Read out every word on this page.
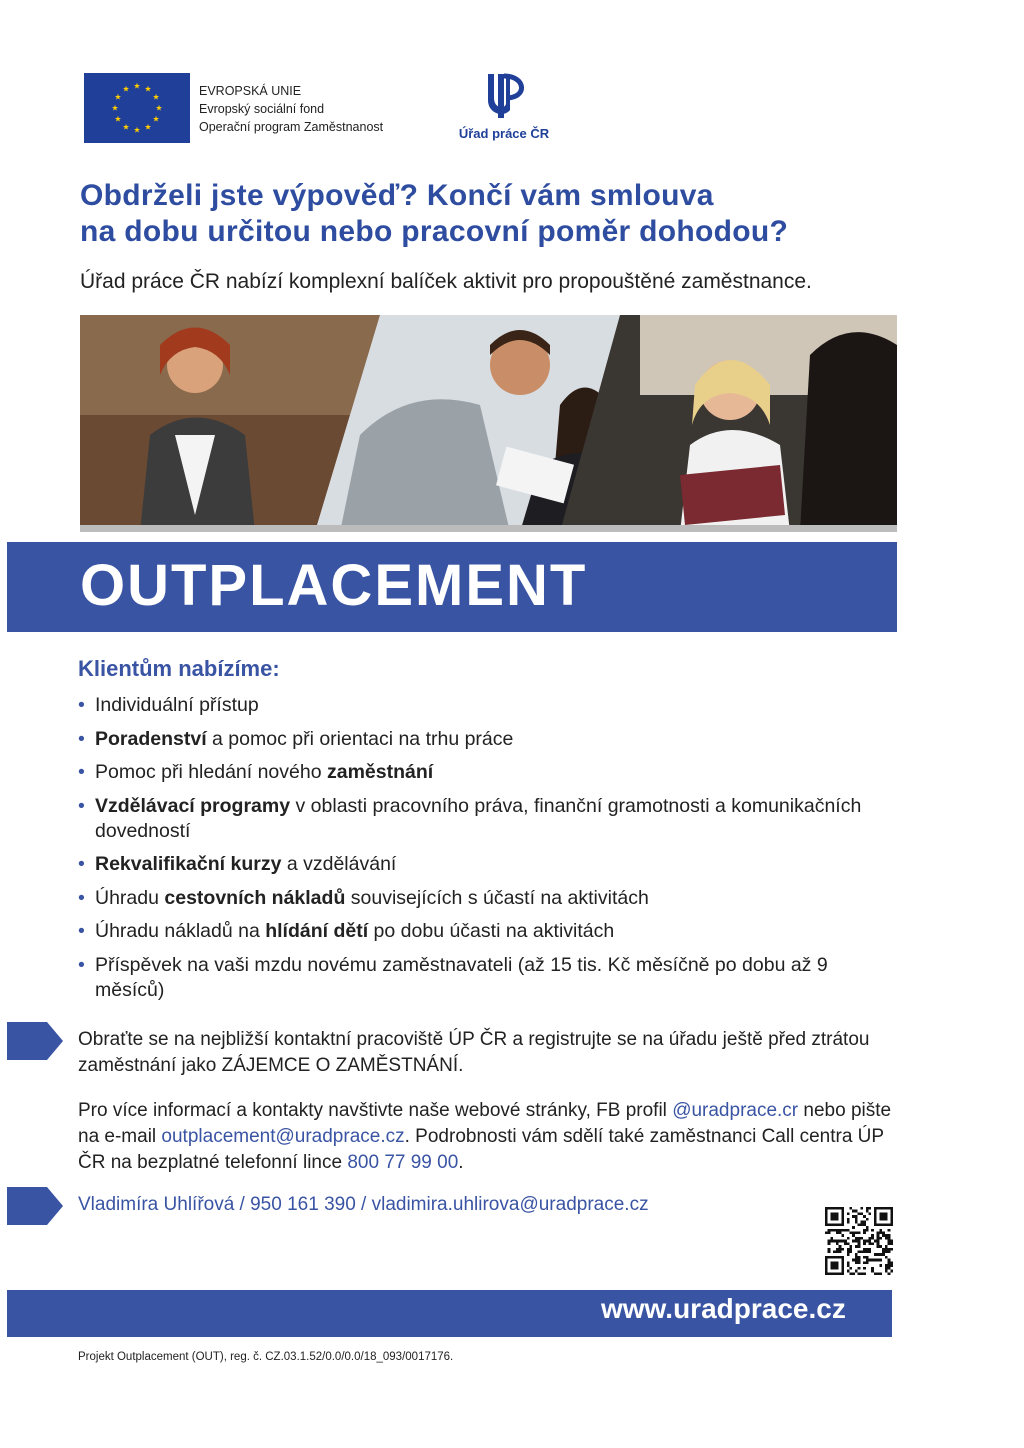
EVROPSKÁ UNIE
Evropský sociální fond
Operační program Zaměstnanost	Úřad práce ČR
Obdrželi jste výpověď? Končí vám smlouva
na dobu určitou nebo pracovní poměr dohodou?
Úřad práce ČR nabízí komplexní balíček aktivit pro propouštěné zaměstnance.
OUTPLACEMENT
Klientům nabízíme:
• Individuální přístup
• Poradenství a pomoc při orientaci na trhu práce
• Pomoc při hledání nového zaměstnání
• Vzdělávací programy v oblasti pracovního práva, finanční gramotnosti a komunikačních dovedností
• Rekvalifikační kurzy a vzdělávání
• Úhradu cestovních nákladů souvisejících s účastí na aktivitách
• Úhradu nákladů na hlídání dětí po dobu účasti na aktivitách
• Příspěvek na vaši mzdu novému zaměstnavateli (až 15 tis. Kč měsíčně po dobu až 9 měsíců)
Obraťte se na nejbližší kontaktní pracoviště ÚP ČR a registrujte se na úřadu ještě před ztrátou zaměstnání jako ZÁJEMCE O ZAMĚSTNÁNÍ.
Pro více informací a kontakty navštivte naše webové stránky, FB profil @uradprace.cr nebo pište na e-mail outplacement@uradprace.cz. Podrobnosti vám sdělí také zaměstnanci Call centra ÚP ČR na bezplatné telefonní lince 800 77 99 00.
Vladimíra Uhlířová / 950 161 390 / vladimira.uhlirova@uradprace.cz
www.uradprace.cz
Projekt Outplacement (OUT), reg. č. CZ.03.1.52/0.0/0.0/18_093/0017176.
